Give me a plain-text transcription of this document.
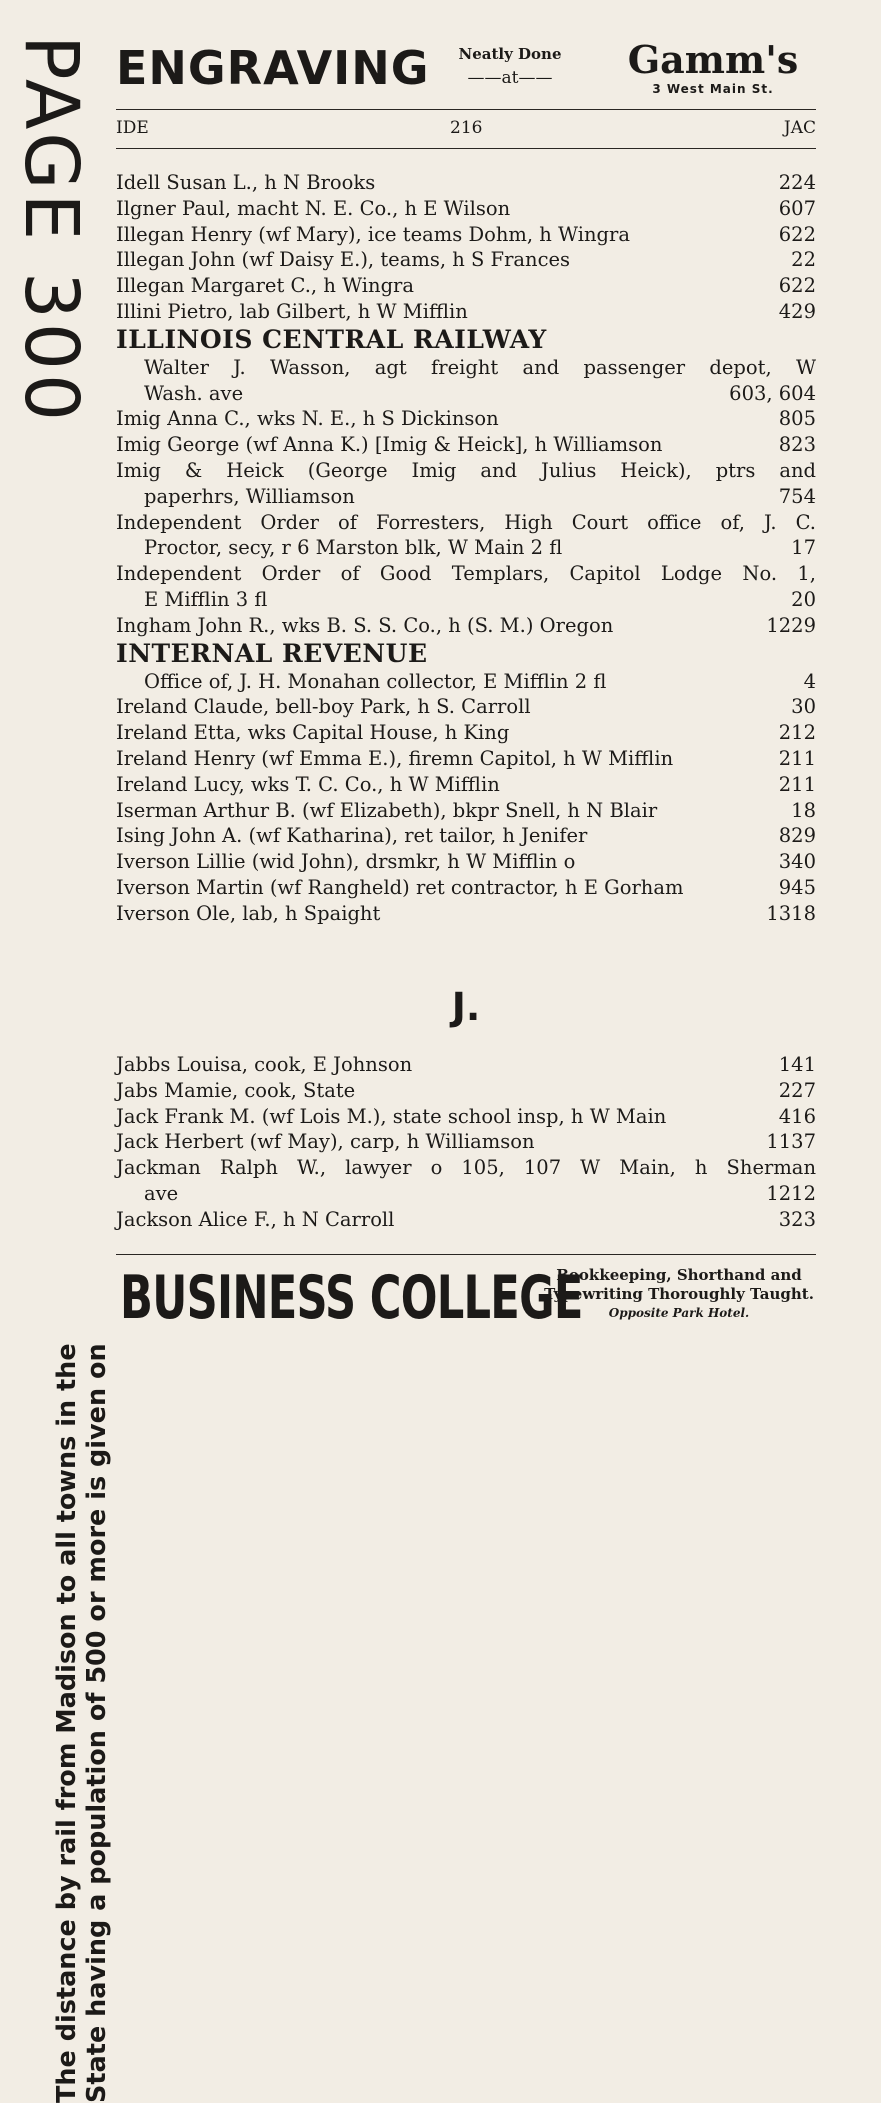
PAGE 300
The distance by rail from Madison to all towns in the State having a population of 500 or more is given on
ENGRAVING	Neatly Done
——at——	Gamm's
3 West Main St.
IDE	216	JAC
Idell Susan L., h N Brooks	224
Ilgner Paul, macht N. E. Co., h E Wilson	607
Illegan Henry (wf Mary), ice teams Dohm, h Wingra	622
Illegan John (wf Daisy E.), teams, h S Frances	22
Illegan Margaret C., h Wingra	622
Illini Pietro, lab Gilbert, h W Mifflin	429
ILLINOIS CENTRAL RAILWAY
Walter J. Wasson, agt freight and passenger depot, W
Wash. ave	603, 604
Imig Anna C., wks N. E., h S Dickinson	805
Imig George (wf Anna K.) [Imig & Heick], h Williamson	823
Imig & Heick (George Imig and Julius Heick), ptrs and
paperhrs, Williamson	754
Independent Order of Forresters, High Court office of, J. C.
Proctor, secy, r 6 Marston blk, W Main 2 fl	17
Independent Order of Good Templars, Capitol Lodge No. 1,
E Mifflin 3 fl	20
Ingham John R., wks B. S. S. Co., h (S. M.) Oregon	1229
INTERNAL REVENUE
Office of, J. H. Monahan collector, E Mifflin 2 fl	4
Ireland Claude, bell-boy Park, h S. Carroll	30
Ireland Etta, wks Capital House, h King	212
Ireland Henry (wf Emma E.), firemn Capitol, h W Mifflin	211
Ireland Lucy, wks T. C. Co., h W Mifflin	211
Iserman Arthur B. (wf Elizabeth), bkpr Snell, h N Blair	18
Ising John A. (wf Katharina), ret tailor, h Jenifer	829
Iverson Lillie (wid John), drsmkr, h W Mifflin o	340
Iverson Martin (wf Rangheld) ret contractor, h E Gorham	945
Iverson Ole, lab, h Spaight	1318
J.
Jabbs Louisa, cook, E Johnson	141
Jabs Mamie, cook, State	227
Jack Frank M. (wf Lois M.), state school insp, h W Main	416
Jack Herbert (wf May), carp, h Williamson	1137
Jackman Ralph W., lawyer o 105, 107 W Main, h Sherman
ave	1212
Jackson Alice F., h N Carroll	323
BUSINESS COLLEGE
Bookkeeping, Shorthand and
Typewriting Thoroughly Taught.
Opposite Park Hotel.
